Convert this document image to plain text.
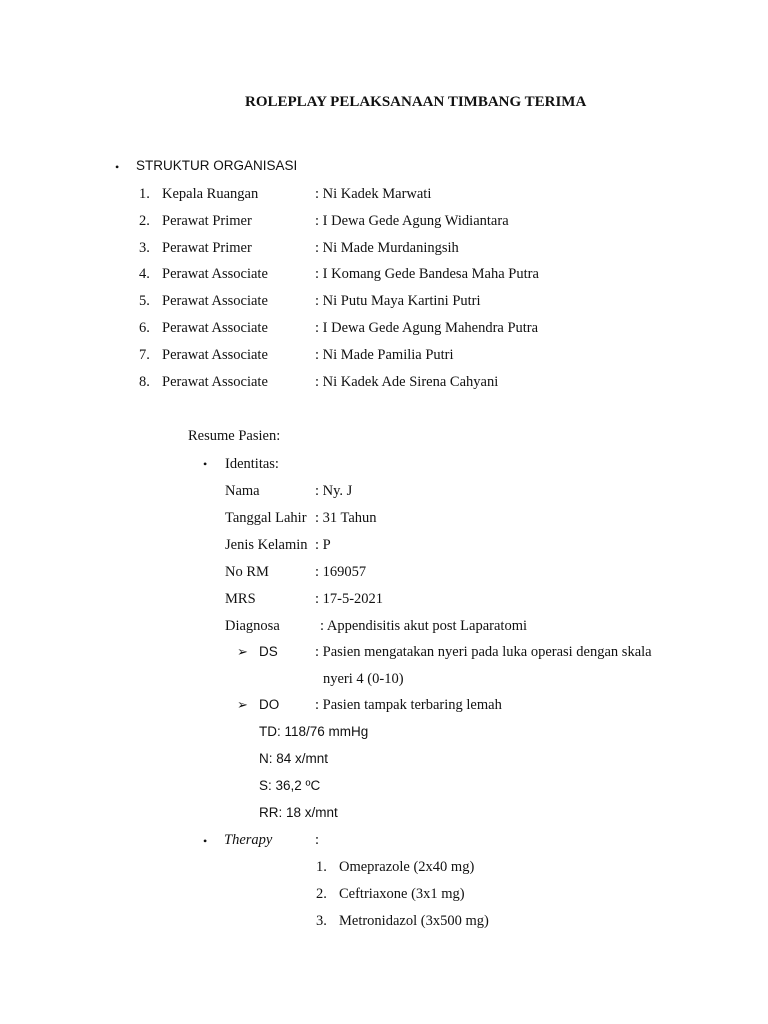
ROLEPLAY PELAKSANAAN TIMBANG TERIMA
• STRUKTUR ORGANISASI
1. Kepala Ruangan	: Ni Kadek Marwati
2. Perawat Primer	: I Dewa Gede Agung Widiantara
3. Perawat Primer	: Ni Made Murdaningsih
4. Perawat Associate	: I Komang Gede Bandesa Maha Putra
5. Perawat Associate	: Ni Putu Maya Kartini Putri
6. Perawat Associate	: I Dewa Gede Agung Mahendra Putra
7. Perawat Associate	: Ni Made Pamilia Putri
8. Perawat Associate	: Ni Kadek Ade Sirena Cahyani
Resume Pasien:
• Identitas:
Nama	: Ny. J
Tanggal Lahir : 31 Tahun
Jenis Kelamin : P
No RM	: 169057
MRS	: 17-5-2021
Diagnosa	: Appendisitis akut post Laparatomi
➢ DS	: Pasien mengatakan nyeri pada luka operasi dengan skala
nyeri 4 (0-10)
➢ DO : Pasien tampak terbaring lemah
TD: 118/76 mmHg
N: 84 x/mnt
S: 36,2 ºC
RR: 18 x/mnt
• Therapy	:
1. Omeprazole (2x40 mg)
2. Ceftriaxone (3x1 mg)
3. Metronidazol (3x500 mg)
